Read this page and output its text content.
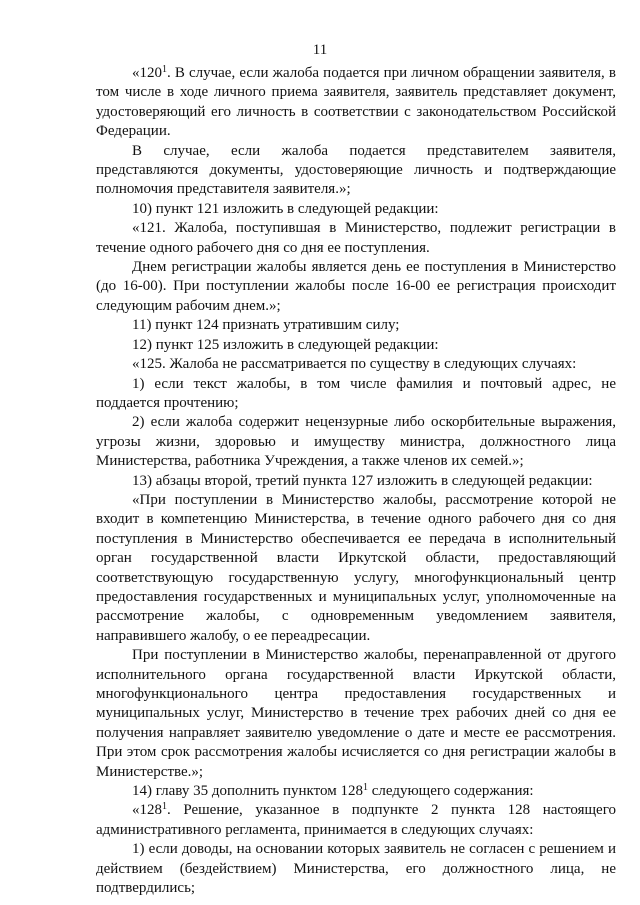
11

«$120^1$. В случае, если жалоба подается при личном обращении заявителя, в том числе в ходе личного приема заявителя, заявитель представляет документ, удостоверяющий его личность в соответствии с законодательством Российской Федерации.

В случае, если жалоба подается представителем заявителя, представляются документы, удостоверяющие личность и подтверждающие полномочия представителя заявителя.»;

10) пункт 121 изложить в следующей редакции:

«121. Жалоба, поступившая в Министерство, подлежит регистрации в течение одного рабочего дня со дня ее поступления.

Днем регистрации жалобы является день ее поступления в Министерство (до 16-00). При поступлении жалобы после 16-00 ее регистрация происходит следующим рабочим днем.»;

11) пункт 124 признать утратившим силу;

12) пункт 125 изложить в следующей редакции:

«125. Жалоба не рассматривается по существу в следующих случаях:

1) если текст жалобы, в том числе фамилия и почтовый адрес, не поддается прочтению;

2) если жалоба содержит нецензурные либо оскорбительные выражения, угрозы жизни, здоровью и имуществу министра, должностного лица Министерства, работника Учреждения, а также членов их семей.»;

13) абзацы второй, третий пункта 127 изложить в следующей редакции:

«При поступлении в Министерство жалобы, рассмотрение которой не входит в компетенцию Министерства, в течение одного рабочего дня со дня поступления в Министерство обеспечивается ее передача в исполнительный орган государственной власти Иркутской области, предоставляющий соответствующую государственную услугу, многофункциональный центр предоставления государственных и муниципальных услуг, уполномоченные на рассмотрение жалобы, с одновременным уведомлением заявителя, направившего жалобу, о ее переадресации.

При поступлении в Министерство жалобы, перенаправленной от другого исполнительного органа государственной власти Иркутской области, многофункционального центра предоставления государственных и муниципальных услуг, Министерство в течение трех рабочих дней со дня ее получения направляет заявителю уведомление о дате и месте ее рассмотрения. При этом срок рассмотрения жалобы исчисляется со дня регистрации жалобы в Министерстве.»;

14) главу 35 дополнить пунктом $128^1$ следующего содержания:

«$128^1$. Решение, указанное в подпункте 2 пункта 128 настоящего административного регламента, принимается в следующих случаях:

1) если доводы, на основании которых заявитель не согласен с решением и действием (бездействием) Министерства, его должностного лица, не подтвердились;
